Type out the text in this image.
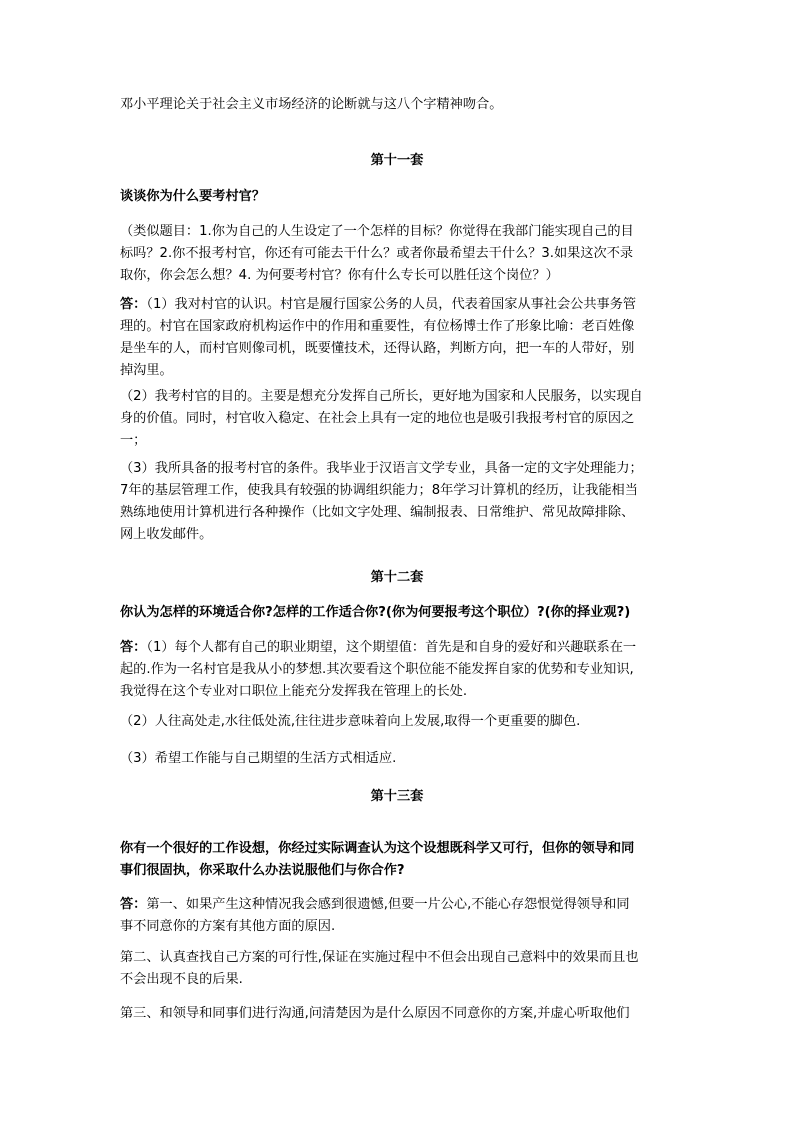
邓小平理论关于社会主义市场经济的论断就与这八个字精神吻合。

第十一套

谈谈你为什么要考村官？

（类似题目：1.你为自己的人生设定了一个怎样的目标？你觉得在我部门能实现自己的目
标吗？2.你不报考村官，你还有可能去干什么？或者你最希望去干什么？3.如果这次不录
取你，你会怎么想？4. 为何要考村官？你有什么专长可以胜任这个岗位？）

答：（1）我对村官的认识。村官是履行国家公务的人员，代表着国家从事社会公共事务管
理的。村官在国家政府机构运作中的作用和重要性，有位杨博士作了形象比喻：老百姓像
是坐车的人，而村官则像司机，既要懂技术，还得认路，判断方向，把一车的人带好，别
掉沟里。

（2）我考村官的目的。主要是想充分发挥自己所长，更好地为国家和人民服务，以实现自
身的价值。同时，村官收入稳定、在社会上具有一定的地位也是吸引我报考村官的原因之
一；

（3）我所具备的报考村官的条件。我毕业于汉语言文学专业，具备一定的文字处理能力；
7年的基层管理工作，使我具有较强的协调组织能力；8年学习计算机的经历，让我能相当
熟练地使用计算机进行各种操作（比如文字处理、编制报表、日常维护、常见故障排除、
网上收发邮件。

第十二套

你认为怎样的环境适合你?怎样的工作适合你?(你为何要报考这个职位）?(你的择业观?)

答：（1）每个人都有自己的职业期望，这个期望值：首先是和自身的爱好和兴趣联系在一
起的.作为一名村官是我从小的梦想.其次要看这个职位能不能发挥自家的优势和专业知识,
我觉得在这个专业对口职位上能充分发挥我在管理上的长处.

（2）人往高处走,水往低处流,往往进步意味着向上发展,取得一个更重要的脚色.

（3）希望工作能与自己期望的生活方式相适应.

第十三套

你有一个很好的工作设想，你经过实际调查认为这个设想既科学又可行，但你的领导和同
事们很固执，你采取什么办法说服他们与你合作?

答：第一、如果产生这种情况我会感到很遗憾,但要一片公心,不能心存怨恨觉得领导和同
事不同意你的方案有其他方面的原因.

第二、认真查找自己方案的可行性,保证在实施过程中不但会出现自己意料中的效果而且也
不会出现不良的后果.

第三、和领导和同事们进行沟通,问清楚因为是什么原因不同意你的方案,并虚心听取他们
